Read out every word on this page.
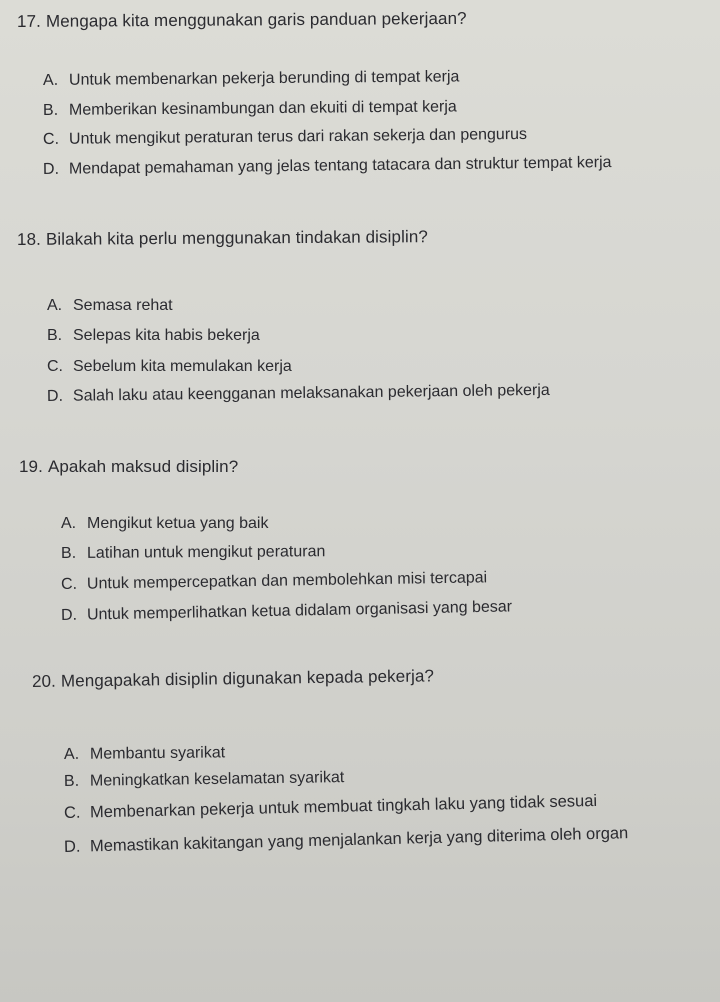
17. Mengapa kita menggunakan garis panduan pekerjaan?
A. Untuk membenarkan pekerja berunding di tempat kerja
B. Memberikan kesinambungan dan ekuiti di tempat kerja
C. Untuk mengikut peraturan terus dari rakan sekerja dan pengurus
D. Mendapat pemahaman yang jelas tentang tatacara dan struktur tempat kerja
18. Bilakah kita perlu menggunakan tindakan disiplin?
A. Semasa rehat
B. Selepas kita habis bekerja
C. Sebelum kita memulakan kerja
D. Salah laku atau keengganan melaksanakan pekerjaan oleh pekerja
19. Apakah maksud disiplin?
A. Mengikut ketua yang baik
B. Latihan untuk mengikut peraturan
C. Untuk mempercepatkan dan membolehkan misi tercapai
D. Untuk memperlihatkan ketua didalam organisasi yang besar
20. Mengapakah disiplin digunakan kepada pekerja?
A. Membantu syarikat
B. Meningkatkan keselamatan syarikat
C. Membenarkan pekerja untuk membuat tingkah laku yang tidak sesuai
D. Memastikan kakitangan yang menjalankan kerja yang diterima oleh organ
